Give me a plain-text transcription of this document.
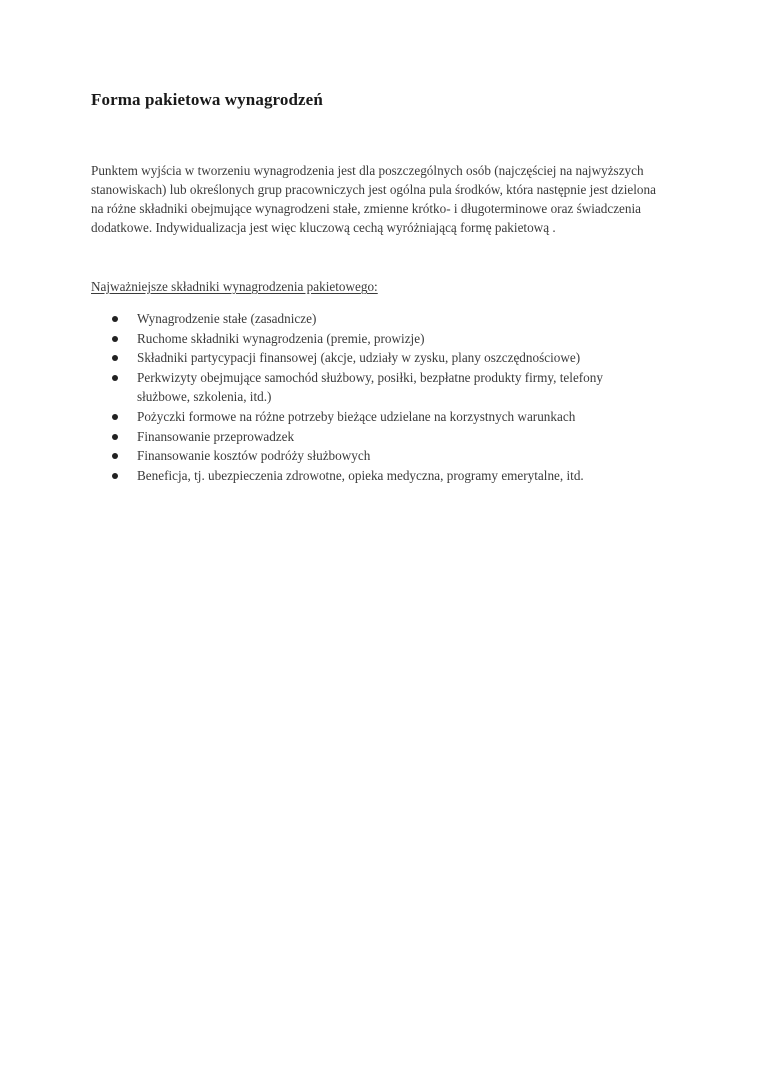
Forma pakietowa wynagrodzeń

Punktem wyjścia w tworzeniu wynagrodzenia jest dla poszczególnych osób (najczęściej na najwyższych stanowiskach) lub określonych grup pracowniczych jest ogólna pula środków, która następnie jest dzielona na różne składniki obejmujące wynagrodzeni stałe, zmienne krótko- i długoterminowe oraz świadczenia dodatkowe. Indywidualizacja jest więc kluczową cechą wyróżniającą formę pakietową .

Najważniejsze składniki wynagrodzenia pakietowego:

Wynagrodzenie stałe (zasadnicze)
Ruchome składniki wynagrodzenia (premie, prowizje)
Składniki partycypacji finansowej (akcje, udziały w zysku, plany oszczędnościowe)
Perkwizyty obejmujące samochód służbowy, posiłki, bezpłatne produkty firmy, telefony służbowe, szkolenia, itd.)
Pożyczki formowe na różne potrzeby bieżące udzielane na korzystnych warunkach
Finansowanie przeprowadzek
Finansowanie kosztów podróży służbowych
Beneficja, tj. ubezpieczenia zdrowotne, opieka medyczna, programy emerytalne, itd.
